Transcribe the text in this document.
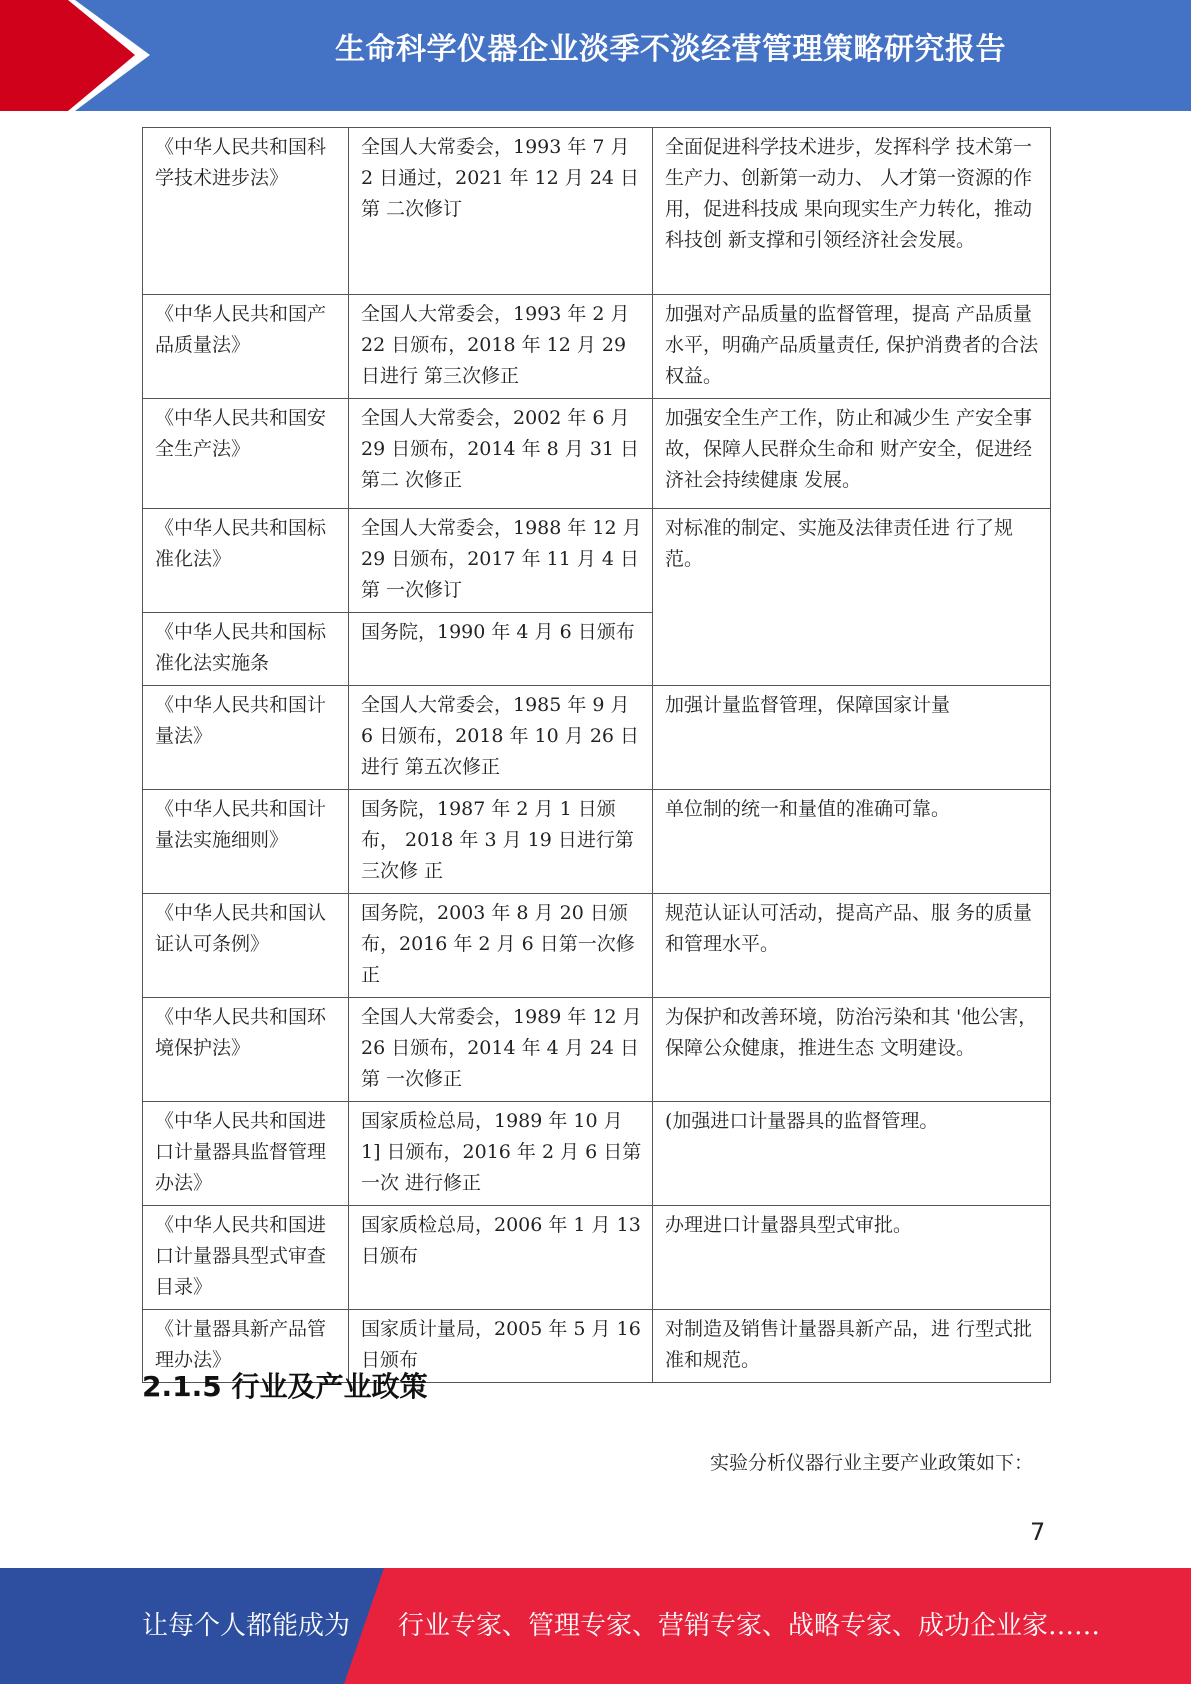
生命科学仪器企业淡季不淡经营管理策略研究报告
《中华人民共和国科 学技术进步法》	全国人大常委会，1993 年 7 月 2 日通过，2021 年 12 月 24 日第 二次修订	全面促进科学技术进步，发挥科学 技术第一生产力、创新第一动力、 人才第一资源的作用，促进科技成 果向现实生产力转化，推动科技创 新支撑和引领经济社会发展。
《中华人民共和国产 品质量法》	全国人大常委会，1993 年 2 月 22 日颁布，2018 年 12 月 29 日进行 第三次修正	加强对产品质量的监督管理，提高 产品质量水平，明确产品质量责任, 保护消费者的合法权益。
《中华人民共和国安 全生产法》	全国人大常委会，2002 年 6 月 29 日颁布，2014 年 8 月 31 日第二 次修正	加强安全生产工作，防止和减少生 产安全事故，保障人民群众生命和 财产安全，促进经济社会持续健康 发展。
《中华人民共和国标 准化法》	全国人大常委会，1988 年 12 月 29 日颁布，2017 年 11 月 4 日第 一次修订	对标准的制定、实施及法律责任进 行了规范。
《中华人民共和国标 准化法实施条	国务院，1990 年 4 月 6 日颁布	
《中华人民共和国计 量法》	全国人大常委会，1985 年 9 月 6 日颁布，2018 年 10 月 26 日进行 第五次修正	加强计量监督管理，保障国家计量
《中华人民共和国计 量法实施细则》	国务院，1987 年 2 月 1 日颁布， 2018 年 3 月 19 日进行第三次修 正	单位制的统一和量值的准确可靠。
《中华人民共和国认 证认可条例》	国务院，2003 年 8 月 20 日颁布，2016 年 2 月 6 日第一次修正	规范认证认可活动，提高产品、服 务的质量和管理水平。
《中华人民共和国环 境保护法》	全国人大常委会，1989 年 12 月 26 日颁布，2014 年 4 月 24 日第 一次修正	为保护和改善环境，防治污染和其 '他公害，保障公众健康，推进生态 文明建设。
《中华人民共和国进 口计量器具监督管理 办法》	国家质检总局，1989 年 10 月 1] 日颁布，2016 年 2 月 6 日第一次 进行修正	(加强进口计量器具的监督管理。
《中华人民共和国进 口计量器具型式审查 目录》	国家质检总局，2006 年 1 月 13 日颁布	办理进口计量器具型式审批。
《计量器具新产品管 理办法》	国家质计量局，2005 年 5 月 16 日颁布	对制造及销售计量器具新产品，进 行型式批准和规范。
2.1.5 行业及产业政策
实验分析仪器行业主要产业政策如下：
7
让每个人都能成为 行业专家、管理专家、营销专家、战略专家、成功企业家……
